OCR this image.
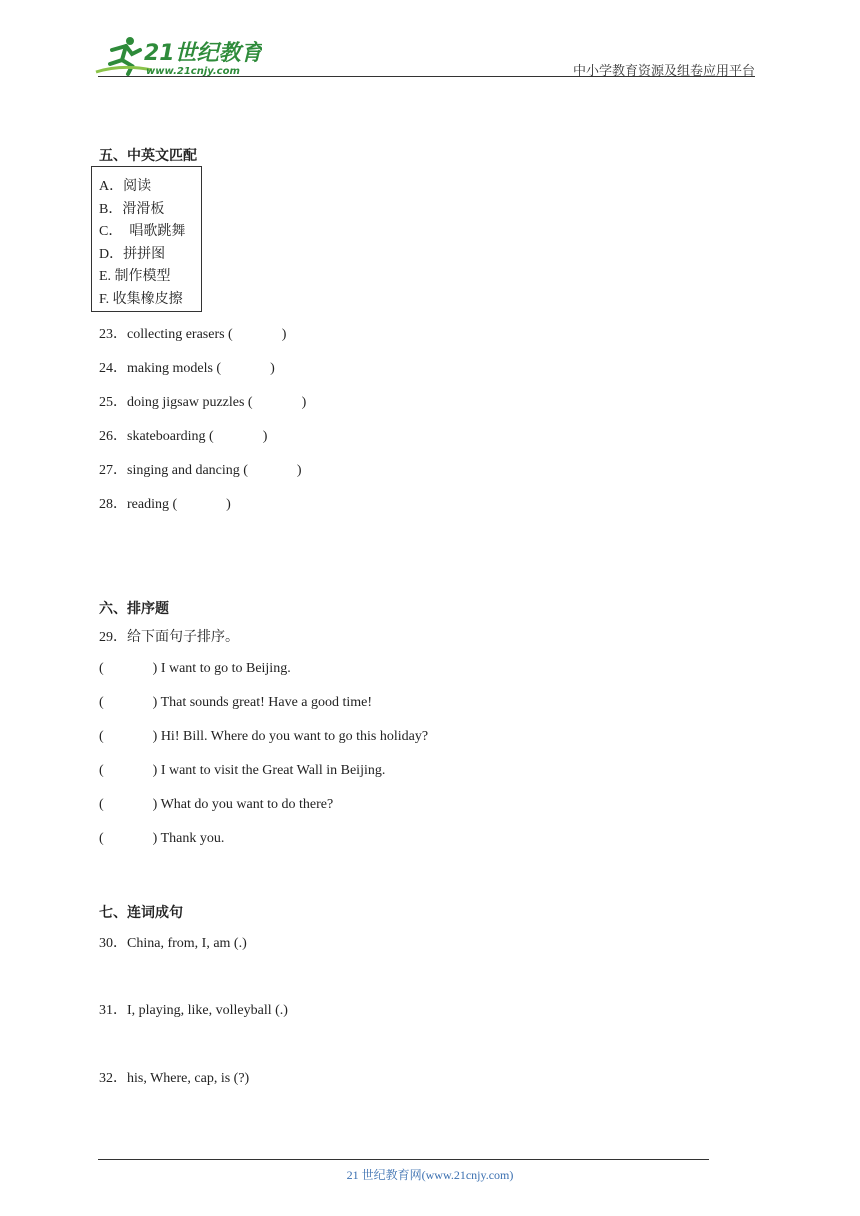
21世纪教育
www.21cnjy.com	中小学教育资源及组卷应用平台
五、中英文匹配
A．阅读
B．滑滑板
C．  唱歌跳舞
D．拼拼图
E. 制作模型
F. 收集橡皮擦
23．collecting erasers (              )
24．making models (              )
25．doing jigsaw puzzles (              )
26．skateboarding (              )
27．singing and dancing (              )
28．reading (              )
六、排序题
29．给下面句子排序。
(              ) I want to go to Beijing.
(              ) That sounds great! Have a good time!
(              ) Hi! Bill. Where do you want to go this holiday?
(              ) I want to visit the Great Wall in Beijing.
(              ) What do you want to do there?
(              ) Thank you.
七、连词成句
30．China, from, I, am (.)
31．I, playing, like, volleyball (.)
32．his, Where, cap, is (?)
21 世纪教育网(www.21cnjy.com)
